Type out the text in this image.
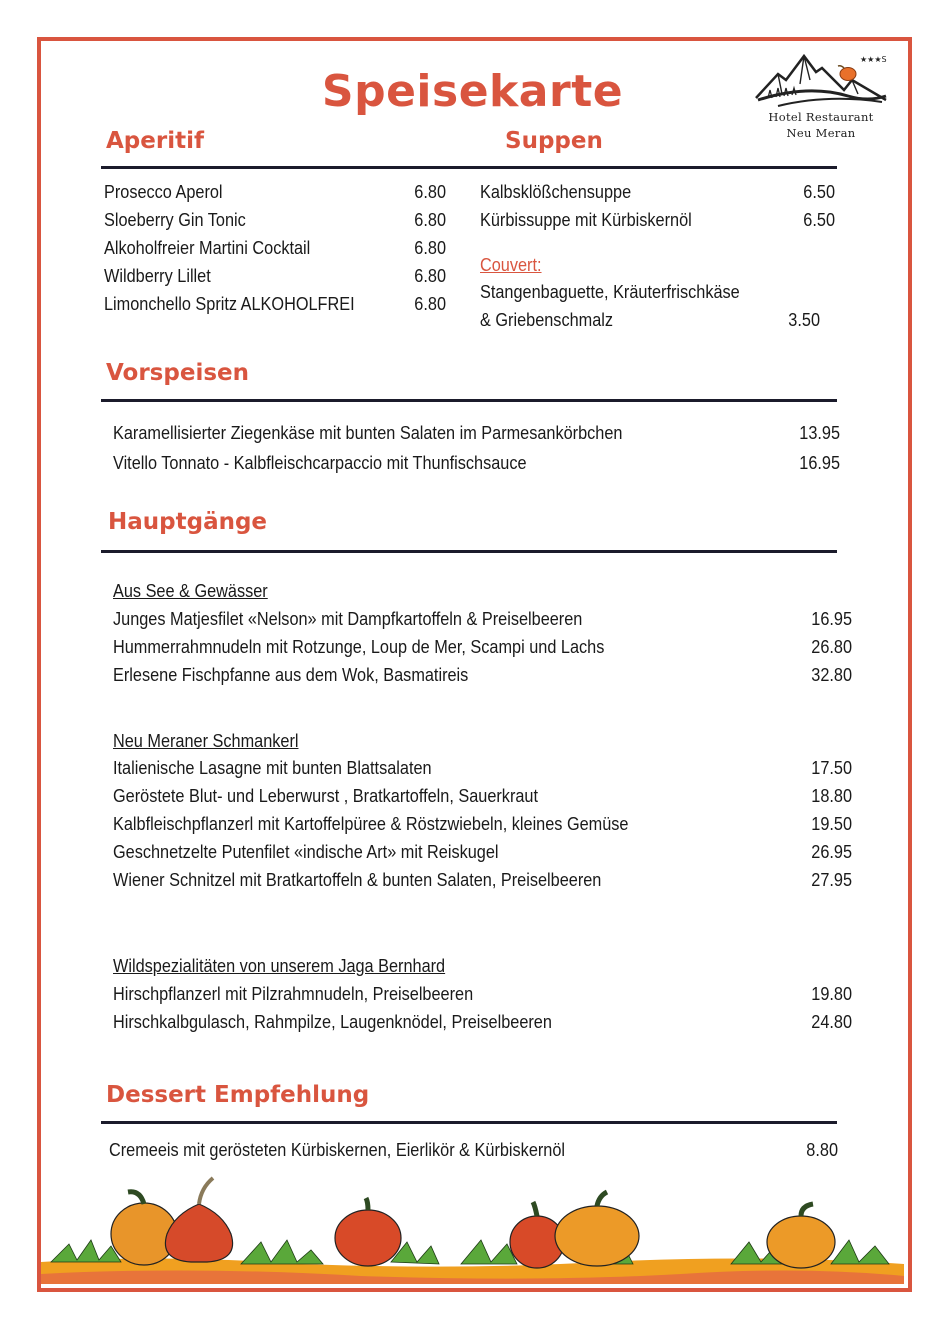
Speisekarte
★★★S
Hotel Restaurant
Neu Meran
Aperitif	Suppen
Prosecco Aperol	6.80
Sloeberry Gin Tonic	6.80
Alkoholfreier Martini Cocktail	6.80
Wildberry Lillet	6.80
Limonchello Spritz ALKOHOLFREI	6.80
Kalbsklößchensuppe	6.50
Kürbissuppe mit Kürbiskernöl	6.50
Couvert:
Stangenbaguette, Kräuterfrischkäse
& Griebenschmalz	3.50
Vorspeisen
Karamellisierter Ziegenkäse mit bunten Salaten im Parmesankörbchen	13.95
Vitello Tonnato - Kalbfleischcarpaccio mit Thunfischsauce	16.95
Hauptgänge
Aus See & Gewässer
Junges Matjesfilet «Nelson» mit Dampfkartoffeln & Preiselbeeren	16.95
Hummerrahmnudeln mit Rotzunge, Loup de Mer, Scampi und Lachs	26.80
Erlesene Fischpfanne aus dem Wok, Basmatireis	32.80
Neu Meraner Schmankerl
Italienische Lasagne mit bunten Blattsalaten	17.50
Geröstete Blut- und Leberwurst , Bratkartoffeln, Sauerkraut	18.80
Kalbfleischpflanzerl mit Kartoffelpüree & Röstzwiebeln, kleines Gemüse	19.50
Geschnetzelte Putenfilet «indische Art» mit Reiskugel	26.95
Wiener Schnitzel mit Bratkartoffeln & bunten Salaten, Preiselbeeren	27.95
Wildspezialitäten von unserem Jaga Bernhard
Hirschpflanzerl mit Pilzrahmnudeln, Preiselbeeren	19.80
Hirschkalbgulasch, Rahmpilze, Laugenknödel, Preiselbeeren	24.80
Dessert Empfehlung
Cremeeis mit gerösteten Kürbiskernen, Eierlikör & Kürbiskernöl	8.80
